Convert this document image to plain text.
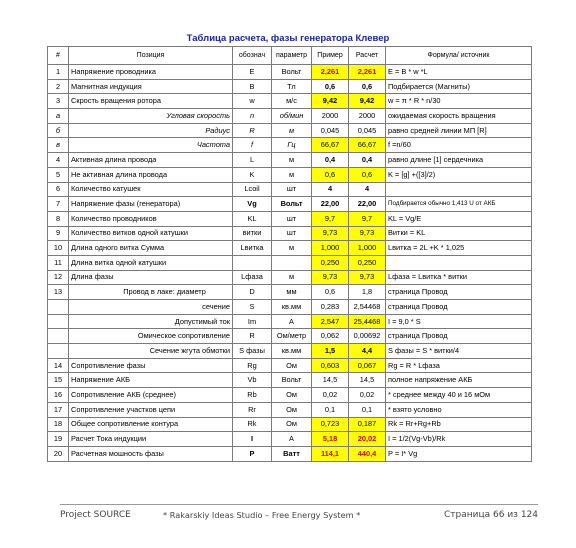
Таблица расчета, фазы генератора Клевер
#	Позиция	обознач	параметр	Пример	Расчет	Формула/ источник
1	Напряжение проводника	E	Вольт	2,261	2,261	E = B * w *L
2	Магнитная индукция	B	Тл	0,6	0,6	Подбирается (Магниты)
3	Скрость вращения ротора	w	м/с	9,42	9,42	w = π * R * n/30
а	Угловая скорость	n	об/мин	2000	2000	ожидаемая скорость вращения
б	Радиус	R	м	0,045	0,045	равно средней линии МП [R]
в	Частота	f	Гц	66,67	66,67	f =n/60
4	Активная длина провода	L	м	0,4	0,4	равно длине [1] сердечника
5	Не активная длина провода	K	м	0,6	0,6	K = [g] +([3]/2)
6	Количество катушек	Lcoil	шт	4	4	
7	Напряжение фазы (генератора)	Vg	Вольт	22,00	22,00	Подбирается обычно 1,413 U от АКБ
8	Количество проводников	KL	шт	9,7	9,7	KL = Vg/E
9	Количество витков одной катушки	витки	шт	9,73	9,73	Витки = KL
10	Длина одного витка Сумма	Lвитка	м	1,000	1,000	Lвитка = 2L +K * 1,025
11	Длина витка одной катушки			0,250	0,250	
12	Длина фазы	Lфаза	м	9,73	9,73	Lфаза = Lвитка * витки
13	Провод в лаке: диаметр	D	мм	0,6	1,8	страница Провод
	сечение	S	кв.мм	0,283	2,54468	страница Провод
	Допустимый ток	Im	A	2,547	25,4468	I = 9,0 * S
	Омическое сопротивление	R	Ом/метр	0,062	0,00692	страница Провод
	Сечение жгута обмотки	S фазы	кв.мм	1,5	4,4	S фазы = S * витки/4
14	Сопротивление фазы	Rg	Ом	0,603	0,067	Rg = R * Lфаза
15	Напряжение АКБ	Vb	Вольт	14,5	14,5	полное напряжение АКБ
16	Сопротивление АКБ (среднее)	Rb	Ом	0,02	0,02	* среднее между 40 и 16 мОм
17	Сопротивление участков цепи	Rr	Ом	0,1	0,1	* взято условно
18	Общее сопротивление контура	Rk	Ом	0,723	0,187	Rk = Rr+Rg+Rb
19	Расчет Тока индукции	I	A	5,18	20,02	I = 1/2(Vg-Vb)/Rk
20	Расчетная мошность фазы	P	Ватт	114,1	440,4	P = I* Vg
Project SOURCE	* Rakarskiy Ideas Studio – Free Energy System *	Страница 66 из 124
